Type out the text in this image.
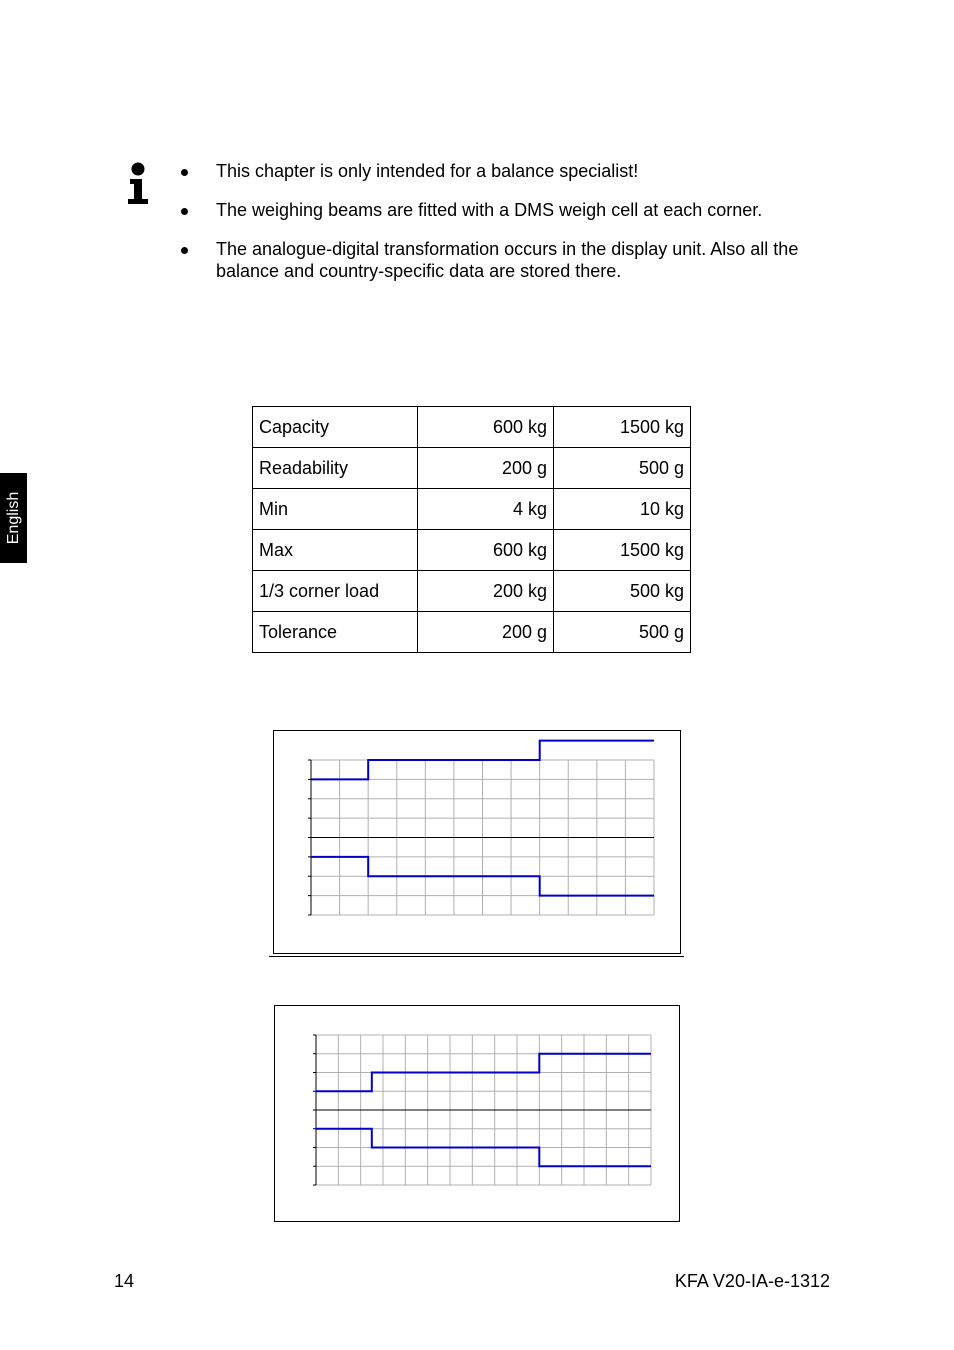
This chapter is only intended for a balance specialist!
The weighing beams are fitted with a DMS weigh cell at each corner.
The analogue-digital transformation occurs in the display unit. Also all the balance and country-specific data are stored there.
English
Capacity	600 kg	1500 kg
Readability	200 g	500 g
Min	4 kg	10 kg
Max	600 kg	1500 kg
1/3 corner load	200 kg	500 kg
Tolerance	200 g	500 g
14	KFA V20-IA-e-1312
